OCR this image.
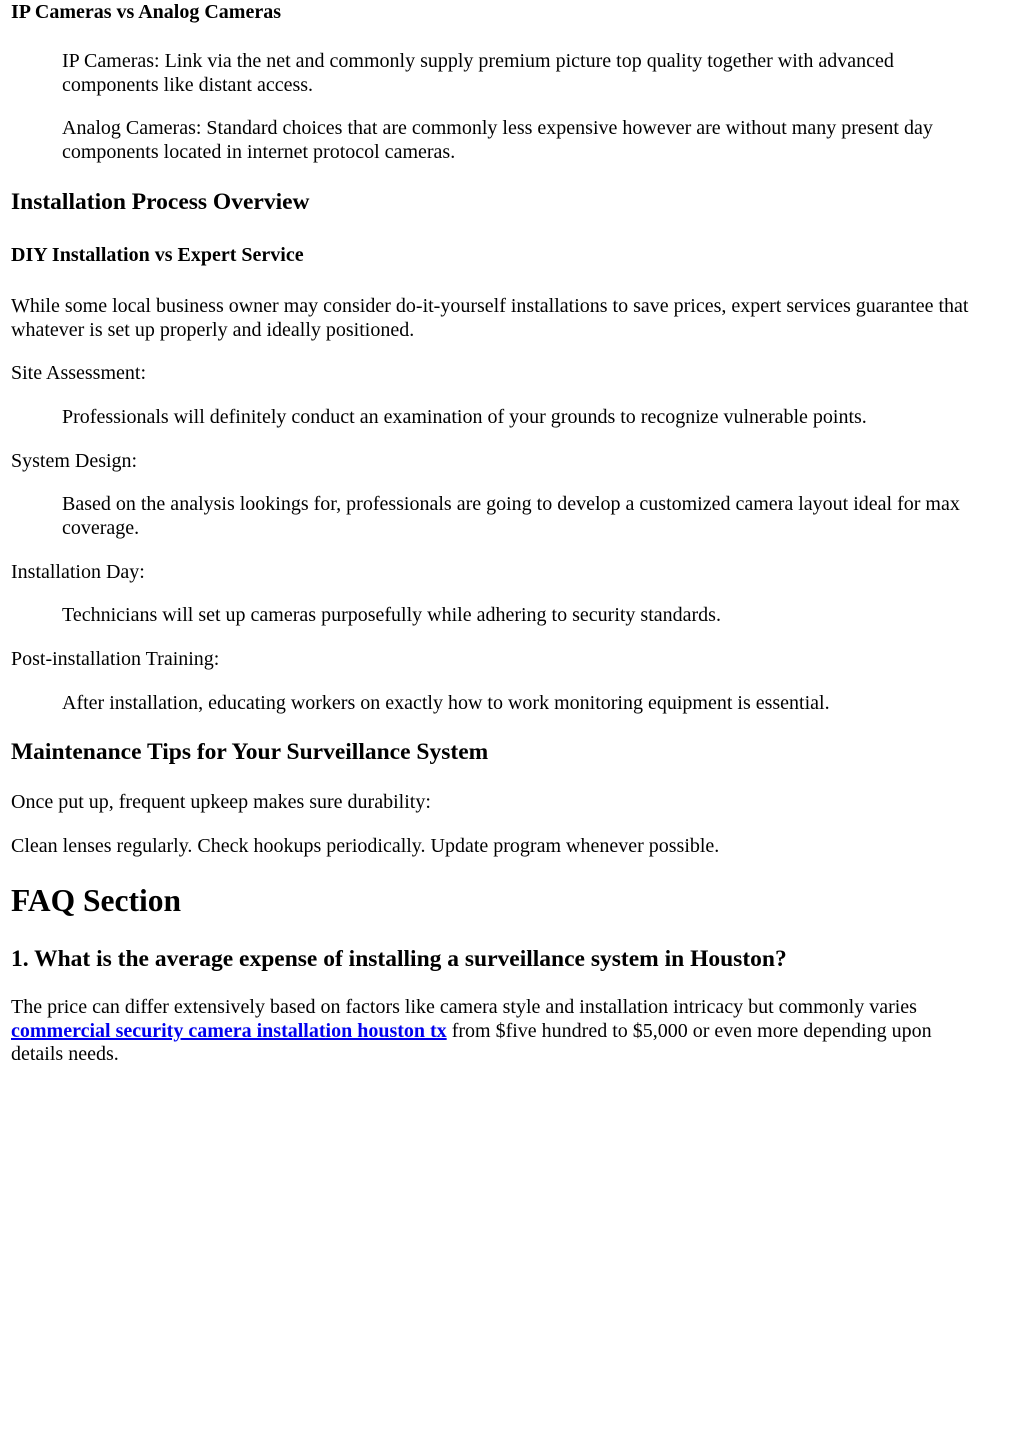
IP Cameras vs Analog Cameras
IP Cameras: Link via the net and commonly supply premium picture top quality together with advanced components like distant access.
Analog Cameras: Standard choices that are commonly less expensive however are without many present day components located in internet protocol cameras.
Installation Process Overview
DIY Installation vs Expert Service
While some local business owner may consider do-it-yourself installations to save prices, expert services guarantee that whatever is set up properly and ideally positioned.
Site Assessment:
Professionals will definitely conduct an examination of your grounds to recognize vulnerable points.
System Design:
Based on the analysis lookings for, professionals are going to develop a customized camera layout ideal for max coverage.
Installation Day:
Technicians will set up cameras purposefully while adhering to security standards.
Post-installation Training:
After installation, educating workers on exactly how to work monitoring equipment is essential.
Maintenance Tips for Your Surveillance System
Once put up, frequent upkeep makes sure durability:
Clean lenses regularly. Check hookups periodically. Update program whenever possible.
FAQ Section
1. What is the average expense of installing a surveillance system in Houston?
The price can differ extensively based on factors like camera style and installation intricacy but commonly varies commercial security camera installation houston tx from $five hundred to $5,000 or even more depending upon details needs.
